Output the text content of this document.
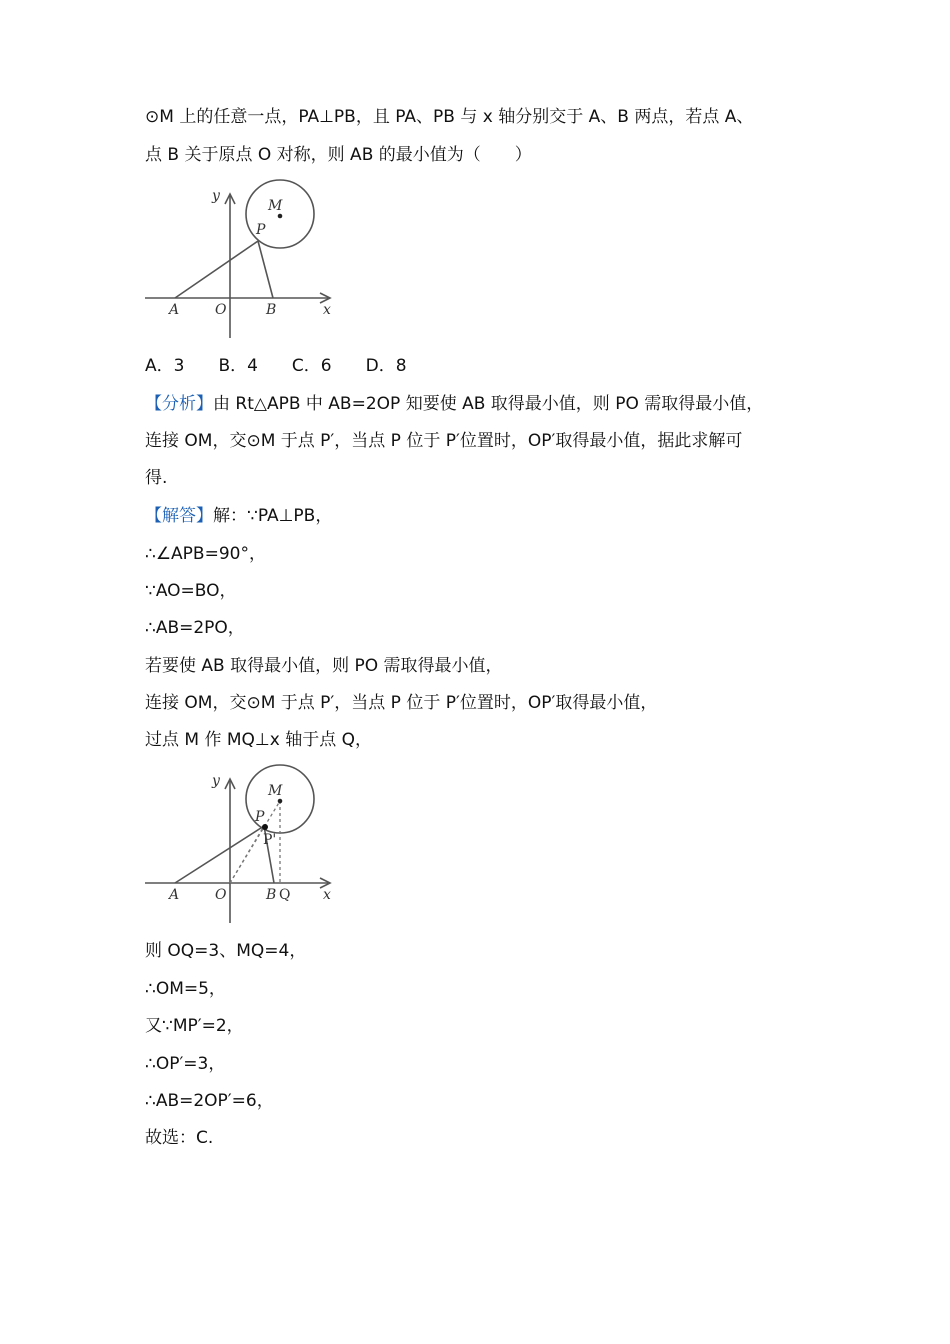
⊙M 上的任意一点，PA⊥PB，且 PA、PB 与 x 轴分别交于 A、B 两点，若点 A、
点 B 关于原点 O 对称，则 AB 的最小值为（　　）
y
x
M
P
A	O	B
A．3　　B．4　　C．6　　D．8
【分析】由 Rt△APB 中 AB=2OP 知要使 AB 取得最小值，则 PO 需取得最小值，
连接 OM，交⊙M 于点 P′，当点 P 位于 P′位置时，OP′取得最小值，据此求解可
得.
【解答】解：∵PA⊥PB，
∴∠APB=90°，
∵AO=BO，
∴AB=2PO，
若要使 AB 取得最小值，则 PO 需取得最小值，
连接 OM，交⊙M 于点 P′，当点 P 位于 P′位置时，OP′取得最小值，
过点 M 作 MQ⊥x 轴于点 Q，
y
x
M
P
P'
A	O	B Q
则 OQ=3、MQ=4，
∴OM=5，
又∵MP′=2，
∴OP′=3，
∴AB=2OP′=6，
故选：C.
